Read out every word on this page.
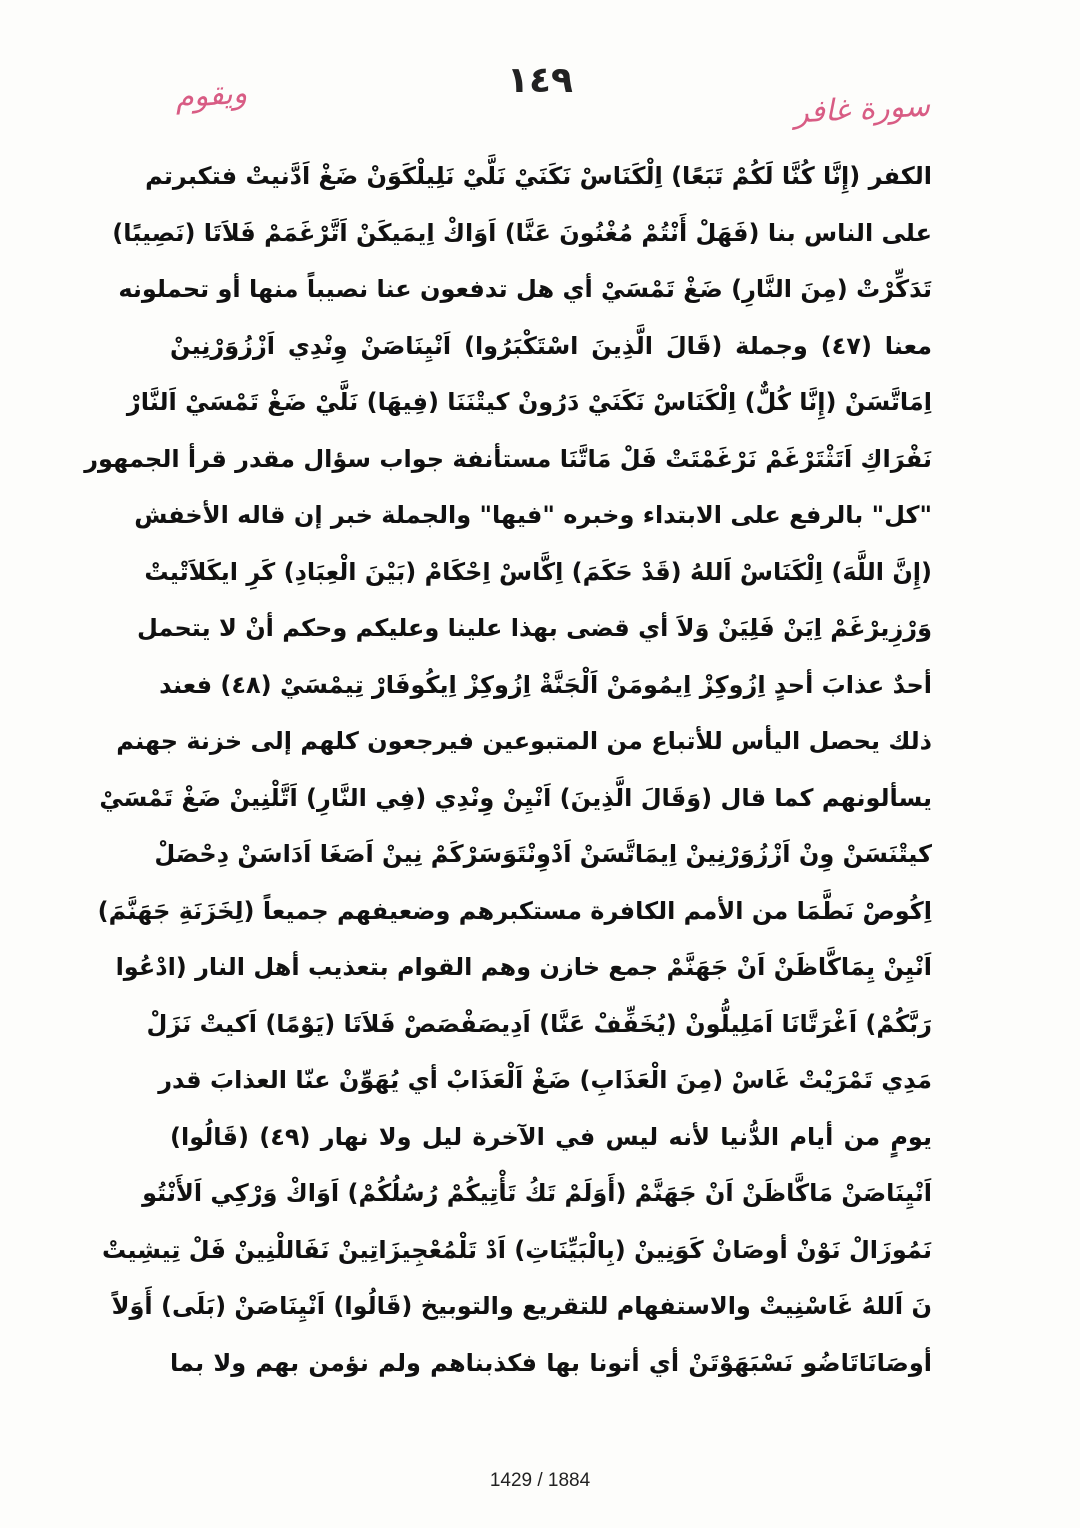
ويقوم	١٤٩
سورة غافر
الكفر (إِنَّا كُنَّا لَكُمْ تَبَعًا) اِلْكَنَاسْ نَكَنَيْ نَلَّيْ نَلِيلْكَوَنْ ضَغْ اَدَّنيتْ فتكبرتم
على الناس بنا (فَهَلْ أَنْتُمْ مُغْنُونَ عَنَّا) اَوَاكْ اِيمَيكَنْ اَتَّرْغَمَمْ فَلاَتَا (نَصِيبًا)
تَدَكِّرْتْ (مِنَ النَّارِ) ضَغْ تَمْسَيْ أي هل تدفعون عنا نصيباً منها أو تحملونه
معنا (٤٧) وجملة (قَالَ الَّذِينَ اسْتَكْبَرُوا) اَنْيِنَاصَنْ وِنْدِي اَزْزُوَرْنِينْ
اِمَاتَّسَنْ (إِنَّا كُلٌّ) اِلْكَنَاسْ نَكَنَيْ دَرُونْ كيتْنَنَا (فِيهَا) نَلَّيْ ضَغْ تَمْسَيْ اَلنَّارْ
نَفْرَاكِ اَتَثْتَرْغَمْ نَرْغَمْتَتْ فَلْ مَاتَّنَا مستأنفة جواب سؤال مقدر قرأ الجمهور
"كل" بالرفع على الابتداء وخبره "فيها" والجملة خبر إن قاله الأخفش
(إِنَّ اللَّهَ) اِلْكَنَاسْ اَللهُ (قَدْ حَكَمَ) اِكَّاسْ اِحْكَامْ (بَيْنَ الْعِبَادِ) كَرِ ايكَلاَتْيتْ
وَرْزِيرْغَمْ اِيَنْ فَلِيَنْ وَلاَ أي قضى بهذا علينا وعليكم وحكم أنْ لا يتحمل
أحدٌ عذابَ أحدٍ اِزُوكِزْ اِيمُومَنْ اَلْجَنَّةْ اِزُوكِزْ اِيكُوفَارْ تِيمْسَيْ (٤٨) فعند
ذلك يحصل اليأس للأتباع من المتبوعين فيرجعون كلهم إلى خزنة جهنم
يسألونهم كما قال (وَقَالَ الَّذِينَ) اَنْيِنْ وِنْدِي (فِي النَّارِ) اَتَّلْنِينْ ضَغْ تَمْسَيْ
كيتْنَسَنْ وِنْ اَزْزُوَرْنِينْ اِيمَاتَّسَنْ اَدْوِنْتَوَسَرْكَمْ نِينْ اَصَغَا اَدَاسَنْ دِحْصَلْ
اِكُوصْ نَطَّمَا من الأمم الكافرة مستكبرهم وضعيفهم جميعاً (لِخَزَنَةِ جَهَنَّمَ)
اَنْيِنْ يِمَاكَّاظَنْ اَنْ جَهَنَّمْ جمع خازن وهم القوام بتعذيب أهل النار (ادْعُوا
رَبَّكُمْ) اَغْرَتَّانَا اَمَلِيلُّونْ (يُخَفِّفْ عَنَّا) اَدِيصَفْصَصْ فَلاَتَا (يَوْمًا) اَكيتْ نَزَلْ
مَدِي تَمْرَيْتْ غَاسْ (مِنَ الْعَذَابِ) ضَغْ اَلْعَذَابْ أي يُهَوِّنْ عنّا العذابَ قدر
يومٍ من أيام الدُّنيا لأنه ليس في الآخرة ليل ولا نهار (٤٩) (قَالُوا)
اَنْيِنَاصَنْ مَاكَّاظَنْ اَنْ جَهَنَّمْ (أَوَلَمْ تَكُ تَأْتِيكُمْ رُسُلُكُمْ) اَوَاكْ وَرْكِي اَلأَنْتُو
نَمُوزَالْ نَوْنْ أوصَانْ كَوَنِينْ (بِالْبَيِّنَاتِ) اَدْ تَلْمُعْجِيزَاتِينْ نَفَاللْنِينْ فَلْ تِيشِيتْ
نَ اَللهُ غَاسْنِيتْ والاستفهام للتقريع والتوبيخ (قَالُوا) اَنْيِنَاصَنْ (بَلَى) أَوَلاً
أوصَانَاتَاضُو نَسْبَهَوْتَنْ أي أتونا بها فكذبناهم ولم نؤمن بهم ولا بما
1429 / 1884
